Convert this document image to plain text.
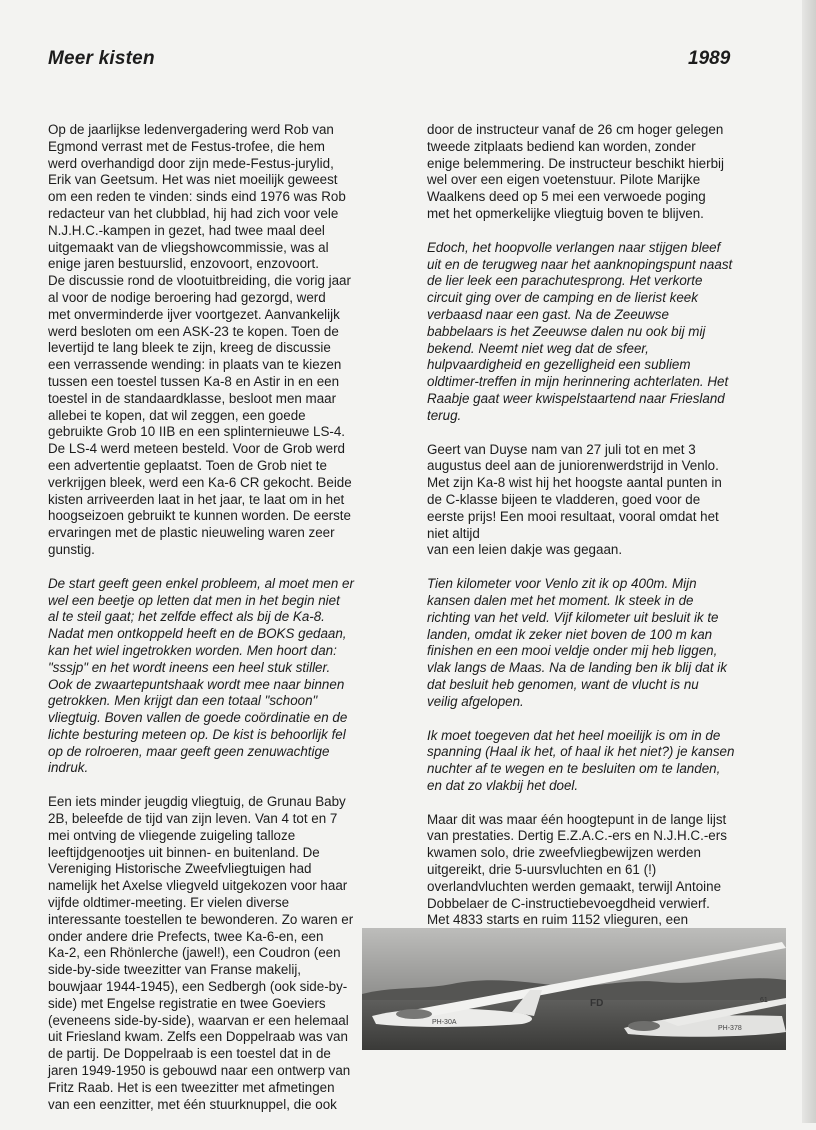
Meer kisten	1989

Op de jaarlijkse ledenvergadering werd Rob van
Egmond verrast met de Festus-trofee, die hem
werd overhandigd door zijn mede-Festus-jurylid,
Erik van Geetsum. Het was niet moeilijk geweest
om een reden te vinden: sinds eind 1976 was Rob
redacteur van het clubblad, hij had zich voor vele
N.J.H.C.-kampen in gezet, had twee maal deel
uitgemaakt van de vliegshowcommissie, was al
enige jaren bestuurslid, enzovoort, enzovoort.

De discussie rond de vlootuitbreiding, die vorig jaar
al voor de nodige beroering had gezorgd, werd
met onverminderde ijver voortgezet. Aanvankelijk
werd besloten om een ASK-23 te kopen. Toen de
levertijd te lang bleek te zijn, kreeg de discussie
een verrassende wending: in plaats van te kiezen
tussen een toestel tussen Ka-8 en Astir in en een
toestel in de standaardklasse, besloot men maar
allebei te kopen, dat wil zeggen, een goede
gebruikte Grob 10 IIB en een splinternieuwe LS-4.
De LS-4 werd meteen besteld. Voor de Grob werd
een advertentie geplaatst. Toen de Grob niet te
verkrijgen bleek, werd een Ka-6 CR gekocht. Beide
kisten arriveerden laat in het jaar, te laat om in het
hoogseizoen gebruikt te kunnen worden. De eerste
ervaringen met de plastic nieuweling waren zeer
gunstig.

De start geeft geen enkel probleem, al moet men er
wel een beetje op letten dat men in het begin niet
al te steil gaat; het zelfde effect als bij de Ka-8.
Nadat men ontkoppeld heeft en de BOKS gedaan,
kan het wiel ingetrokken worden. Men hoort dan:
"sssjp" en het wordt ineens een heel stuk stiller.
Ook de zwaartepuntshaak wordt mee naar binnen
getrokken. Men krijgt dan een totaal "schoon"
vliegtuig. Boven vallen de goede coördinatie en de
lichte besturing meteen op. De kist is behoorlijk fel
op de rolroeren, maar geeft geen zenuwachtige
indruk.

Een iets minder jeugdig vliegtuig, de Grunau Baby
2B, beleefde de tijd van zijn leven. Van 4 tot en 7
mei ontving de vliegende zuigeling talloze
leeftijdgenootjes uit binnen- en buitenland. De
Vereniging Historische Zweefvliegtuigen had
namelijk het Axelse vliegveld uitgekozen voor haar
vijfde oldtimer-meeting. Er vielen diverse
interessante toestellen te bewonderen. Zo waren er
onder andere drie Prefects, twee Ka-6-en, een
Ka-2, een Rhönlerche (jawel!), een Coudron (een
side-by-side tweezitter van Franse makelij,
bouwjaar 1944-1945), een Sedbergh (ook side-by-
side) met Engelse registratie en twee Goeviers
(eveneens side-by-side), waarvan er een helemaal
uit Friesland kwam. Zelfs een Doppelraab was van
de partij. De Doppelraab is een toestel dat in de
jaren 1949-1950 is gebouwd naar een ontwerp van
Fritz Raab. Het is een tweezitter met afmetingen
van een eenzitter, met één stuurknuppel, die ook

door de instructeur vanaf de 26 cm hoger gelegen
tweede zitplaats bediend kan worden, zonder
enige belemmering. De instructeur beschikt hierbij
wel over een eigen voetenstuur. Pilote Marijke
Waalkens deed op 5 mei een verwoede poging
met het opmerkelijke vliegtuig boven te blijven.

Edoch, het hoopvolle verlangen naar stijgen bleef
uit en de terugweg naar het aanknopingspunt naast
de lier leek een parachutesprong. Het verkorte
circuit ging over de camping en de lierist keek
verbaasd naar een gast. Na de Zeeuwse
babbelaars is het Zeeuwse dalen nu ook bij mij
bekend. Neemt niet weg dat de sfeer,
hulpvaardigheid en gezelligheid een subliem
oldtimer-treffen in mijn herinnering achterlaten. Het
Raabje gaat weer kwispelstaartend naar Friesland
terug.

Geert van Duyse nam van 27 juli tot en met 3
augustus deel aan de juniorenwerdstrijd in Venlo.
Met zijn Ka-8 wist hij het hoogste aantal punten in
de C-klasse bijeen te vladderen, goed voor de
eerste prijs! Een mooi resultaat, vooral omdat het
niet altijd
van een leien dakje was gegaan.

Tien kilometer voor Venlo zit ik op 400m. Mijn
kansen dalen met het moment. Ik steek in de
richting van het veld. Vijf kilometer uit besluit ik te
landen, omdat ik zeker niet boven de 100 m kan
finishen en een mooi veldje onder mij heb liggen,
vlak langs de Maas. Na de landing ben ik blij dat ik
dat besluit heb genomen, want de vlucht is nu
veilig afgelopen.

Ik moet toegeven dat het heel moeilijk is om in de
spanning (Haal ik het, of haal ik het niet?) je kansen
nuchter af te wegen en te besluiten om te landen,
en dat zo vlakbij het doel.

Maar dit was maar één hoogtepunt in de lange lijst
van prestaties. Dertig E.Z.A.C.-ers en N.J.H.C.-ers
kwamen solo, drie zweefvliegbewijzen werden
uitgereikt, drie 5-uursvluchten en 61 (!)
overlandvluchten werden gemaakt, terwijl Antoine
Dobbelaer de C-instructiebevoegdheid verwierf.
Met 4833 starts en ruim 1152 vlieguren, een

PH-30A
FD
PH-378
61
